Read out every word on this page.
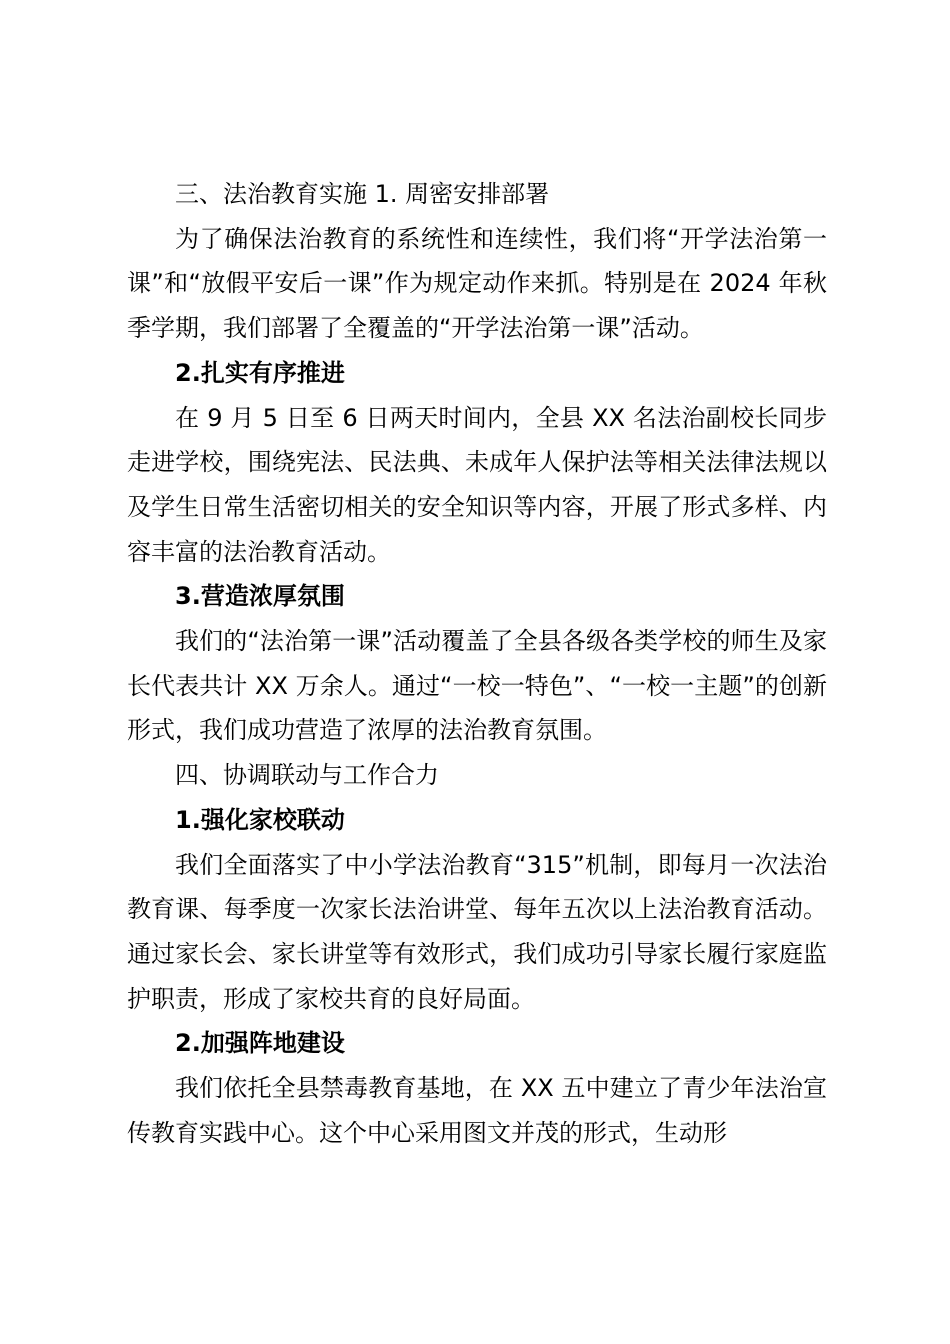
三、法治教育实施 1. 周密安排部署

为了确保法治教育的系统性和连续性，我们将“开学法治第一课”和“放假平安后一课”作为规定动作来抓。特别是在 2024 年秋季学期，我们部署了全覆盖的“开学法治第一课”活动。

2.扎实有序推进

在 9 月 5 日至 6 日两天时间内，全县 XX 名法治副校长同步走进学校，围绕宪法、民法典、未成年人保护法等相关法律法规以及学生日常生活密切相关的安全知识等内容，开展了形式多样、内容丰富的法治教育活动。

3.营造浓厚氛围

我们的“法治第一课”活动覆盖了全县各级各类学校的师生及家长代表共计 XX 万余人。通过“一校一特色”、“一校一主题”的创新形式，我们成功营造了浓厚的法治教育氛围。

四、协调联动与工作合力

1.强化家校联动

我们全面落实了中小学法治教育“315”机制，即每月一次法治教育课、每季度一次家长法治讲堂、每年五次以上法治教育活动。通过家长会、家长讲堂等有效形式，我们成功引导家长履行家庭监护职责，形成了家校共育的良好局面。

2.加强阵地建设

我们依托全县禁毒教育基地，在 XX 五中建立了青少年法治宣传教育实践中心。这个中心采用图文并茂的形式，生动形
